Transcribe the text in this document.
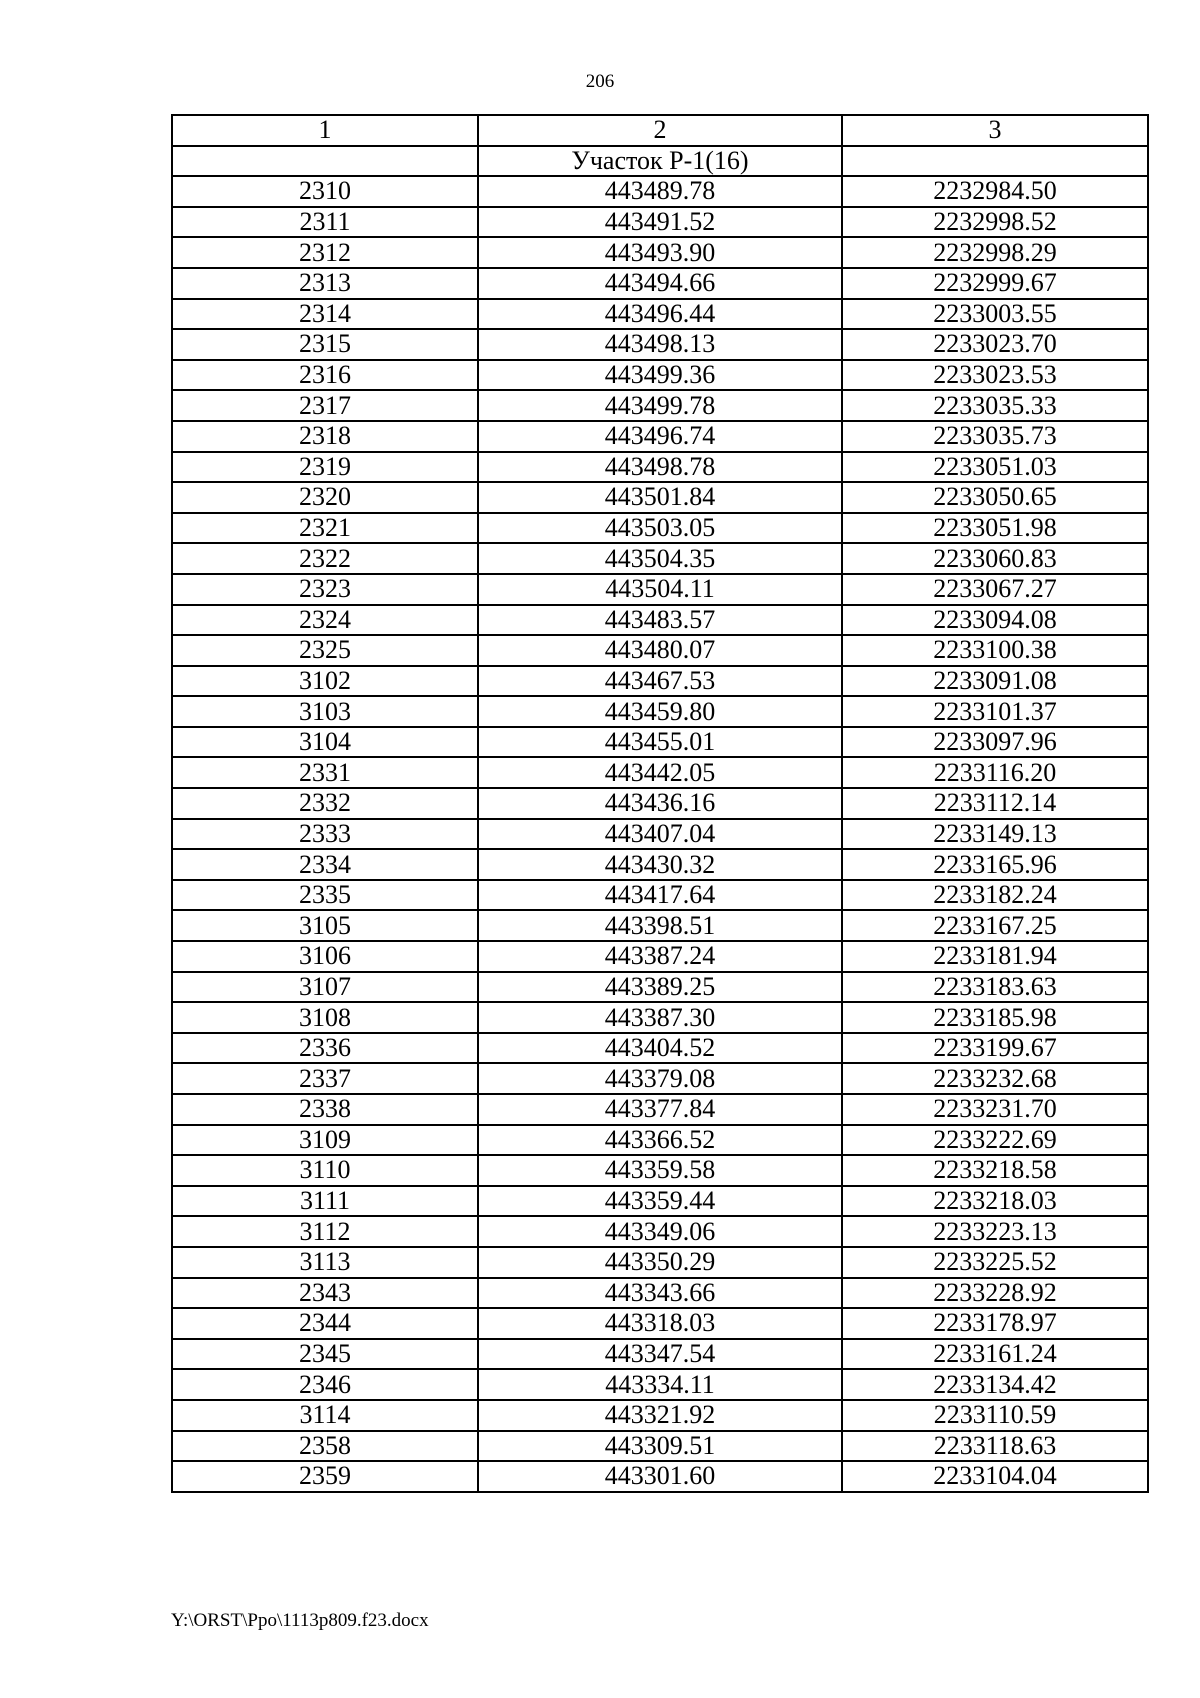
206
1	2	3
	Участок Р-1(16)	
2310	443489.78	2232984.50
2311	443491.52	2232998.52
2312	443493.90	2232998.29
2313	443494.66	2232999.67
2314	443496.44	2233003.55
2315	443498.13	2233023.70
2316	443499.36	2233023.53
2317	443499.78	2233035.33
2318	443496.74	2233035.73
2319	443498.78	2233051.03
2320	443501.84	2233050.65
2321	443503.05	2233051.98
2322	443504.35	2233060.83
2323	443504.11	2233067.27
2324	443483.57	2233094.08
2325	443480.07	2233100.38
3102	443467.53	2233091.08
3103	443459.80	2233101.37
3104	443455.01	2233097.96
2331	443442.05	2233116.20
2332	443436.16	2233112.14
2333	443407.04	2233149.13
2334	443430.32	2233165.96
2335	443417.64	2233182.24
3105	443398.51	2233167.25
3106	443387.24	2233181.94
3107	443389.25	2233183.63
3108	443387.30	2233185.98
2336	443404.52	2233199.67
2337	443379.08	2233232.68
2338	443377.84	2233231.70
3109	443366.52	2233222.69
3110	443359.58	2233218.58
3111	443359.44	2233218.03
3112	443349.06	2233223.13
3113	443350.29	2233225.52
2343	443343.66	2233228.92
2344	443318.03	2233178.97
2345	443347.54	2233161.24
2346	443334.11	2233134.42
3114	443321.92	2233110.59
2358	443309.51	2233118.63
2359	443301.60	2233104.04
Y:\ORST\Ppo\1113p809.f23.docx
